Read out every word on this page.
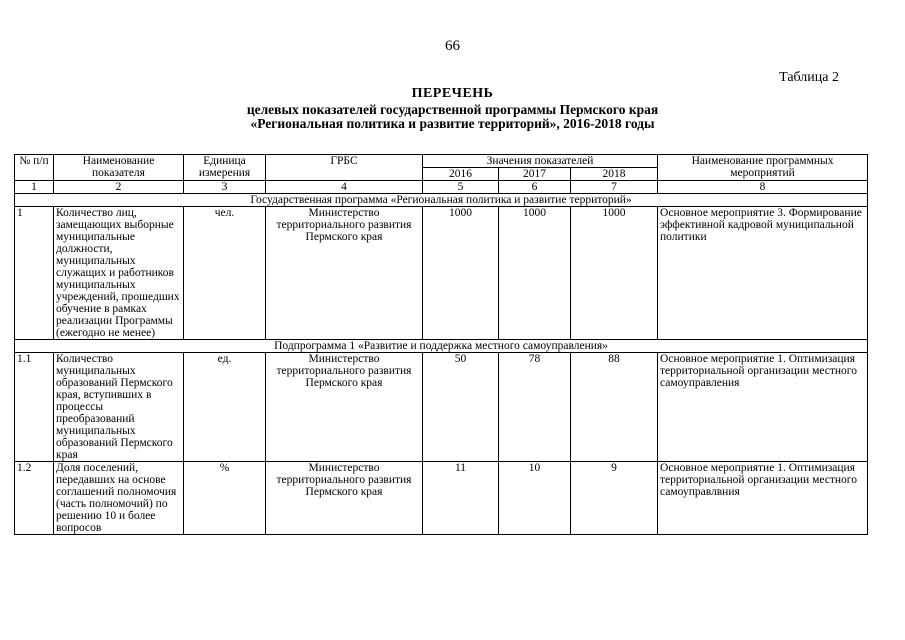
66
Таблица 2
ПЕРЕЧЕНЬ
целевых показателей государственной программы Пермского края
«Региональная политика и развитие территорий», 2016-2018 годы
№ п/п	Наименование показателя	Единица измерения	ГРБС	Значения показателей			Наименование программных мероприятий
				2016	2017	2018	
1	2	3	4	5	6	7	8
Государственная программа «Региональная политика и развитие территорий»							
1	Количество лиц, замещающих выборные муниципальные должности, муниципальных служащих и работников муниципальных учреждений, прошедших обучение в рамках реализации Программы (ежегодно не менее)	чел.	Министерство территориального развития Пермского края	1000	1000	1000	Основное мероприятие 3. Формирование эффективной кадровой муниципальной политики
Подпрограмма 1 «Развитие и поддержка местного самоуправления»							
1.1	Количество муниципальных образований Пермского края, вступивших в процессы преобразований муниципальных образований Пермского края	ед.	Министерство территориального развития Пермского края	50	78	88	Основное мероприятие 1. Оптимизация территориальной организации местного самоуправления
1.2	Доля поселений, передавших на основе соглашений полномочия (часть полномочий) по решению 10 и более вопросов	%	Министерство территориального развития Пермского края	11	10	9	Основное мероприятие 1. Оптимизация территориальной организации местного самоуправлвния
